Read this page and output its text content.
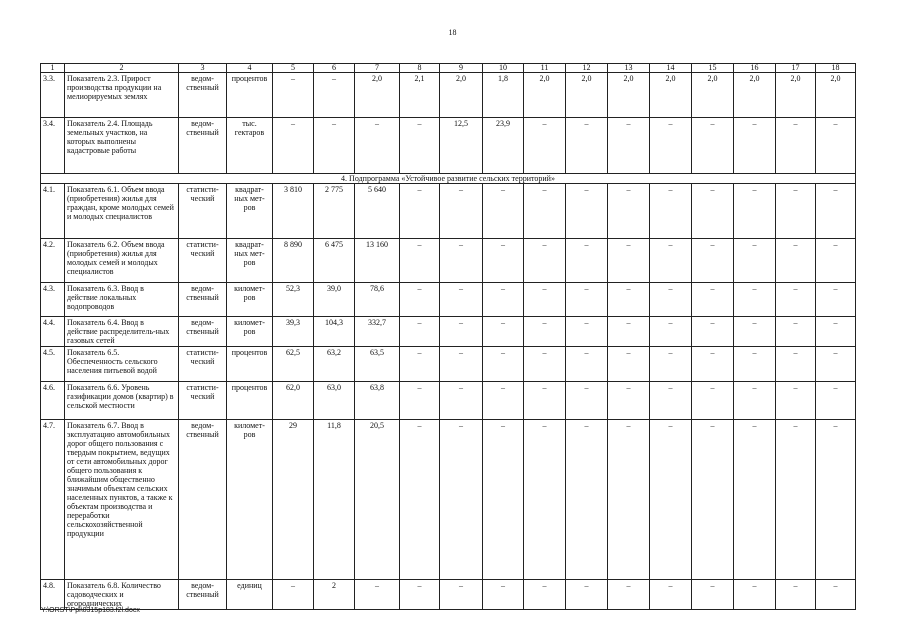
18
1	2	3	4	5	6	7	8	9	10	11	12	13	14	15	16	17	18
3.3.	Показатель 2.3. Прирост производства продукции на мелиорируемых землях	ведом-ственный	процентов	–	–	2,0	2,1	2,0	1,8	2,0	2,0	2,0	2,0	2,0	2,0	2,0	2,0
3.4.	Показатель 2.4. Площадь земельных участков, на которых выполнены кадастровые работы	ведом-ственный	тыс. гектаров	–	–	–	–	12,5	23,9	–	–	–	–	–	–	–	–
4. Подпрограмма «Устойчивое развитие сельских территорий»																	
4.1.	Показатель 6.1. Объем ввода (приобретения) жилья для граждан, кроме молодых семей и молодых специалистов	статисти-ческий	квадрат-ных мет-ров	3 810	2 775	5 640	–	–	–	–	–	–	–	–	–	–	–
4.2.	Показатель 6.2. Объем ввода (приобретения) жилья для молодых семей и молодых специалистов	статисти-ческий	квадрат-ных мет-ров	8 890	6 475	13 160	–	–	–	–	–	–	–	–	–	–	–
4.3.	Показатель 6.3. Ввод в действие локальных водопроводов	ведом-ственный	километ-ров	52,3	39,0	78,6	–	–	–	–	–	–	–	–	–	–	–
4.4.	Показатель 6.4. Ввод в действие распределитель-ных газовых сетей	ведом-ственный	километ-ров	39,3	104,3	332,7	–	–	–	–	–	–	–	–	–	–	–
4.5.	Показатель 6.5. Обеспеченность сельского населения питьевой водой	статисти-ческий	процентов	62,5	63,2	63,5	–	–	–	–	–	–	–	–	–	–	–
4.6.	Показатель 6.6. Уровень газификации домов (квартир) в сельской местности	статисти-ческий	процентов	62,0	63,0	63,8	–	–	–	–	–	–	–	–	–	–	–
4.7.	Показатель 6.7. Ввод в эксплуатацию автомобильных дорог общего пользования с твердым покрытием, ведущих от сети автомобильных дорог общего пользования к ближайшим общественно значимым объектам сельских населенных пунктов, а также к объектам производства и переработки сельскохозяйственной продукции	ведом-ственный	километ-ров	29	11,8	20,5	–	–	–	–	–	–	–	–	–	–	–
4.8.	Показатель 6.8. Количество садоводческих и огороднических	ведом-ственный	единиц	–	2	–	–	–	–	–	–	–	–	–	–	–	–
Y:\ORST\Ppi\0315p183.f2l.docx
